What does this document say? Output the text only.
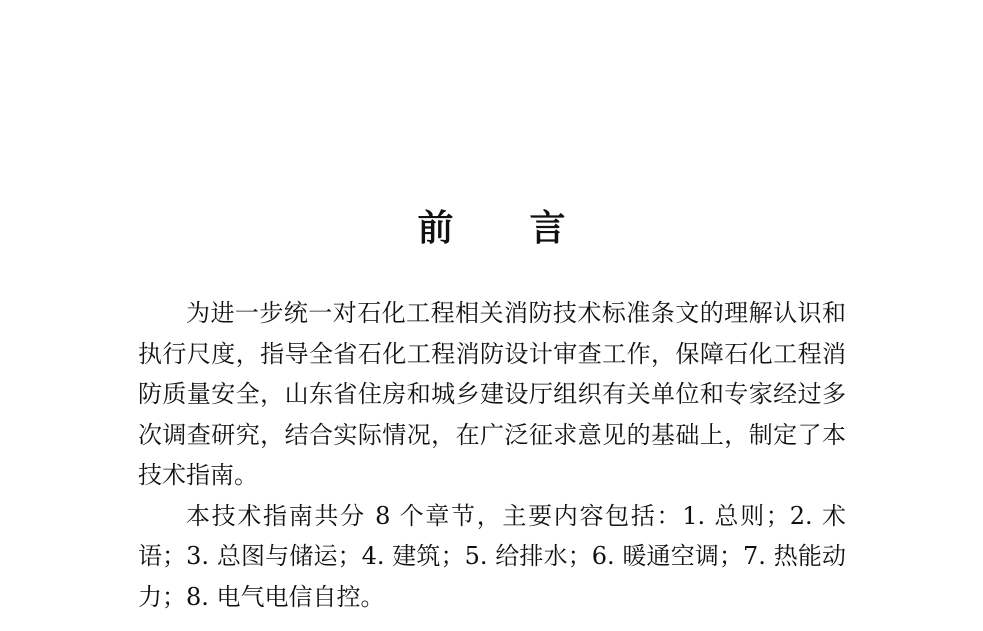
前言

为进一步统一对石化工程相关消防技术标准条文的理解认识和执行尺度，指导全省石化工程消防设计审查工作，保障石化工程消防质量安全，山东省住房和城乡建设厅组织有关单位和专家经过多次调查研究，结合实际情况，在广泛征求意见的基础上，制定了本技术指南。

本技术指南共分 8 个章节，主要内容包括：1. 总则；2. 术语；3. 总图与储运；4. 建筑；5. 给排水；6. 暖通空调；7. 热能动力；8. 电气电信自控。
